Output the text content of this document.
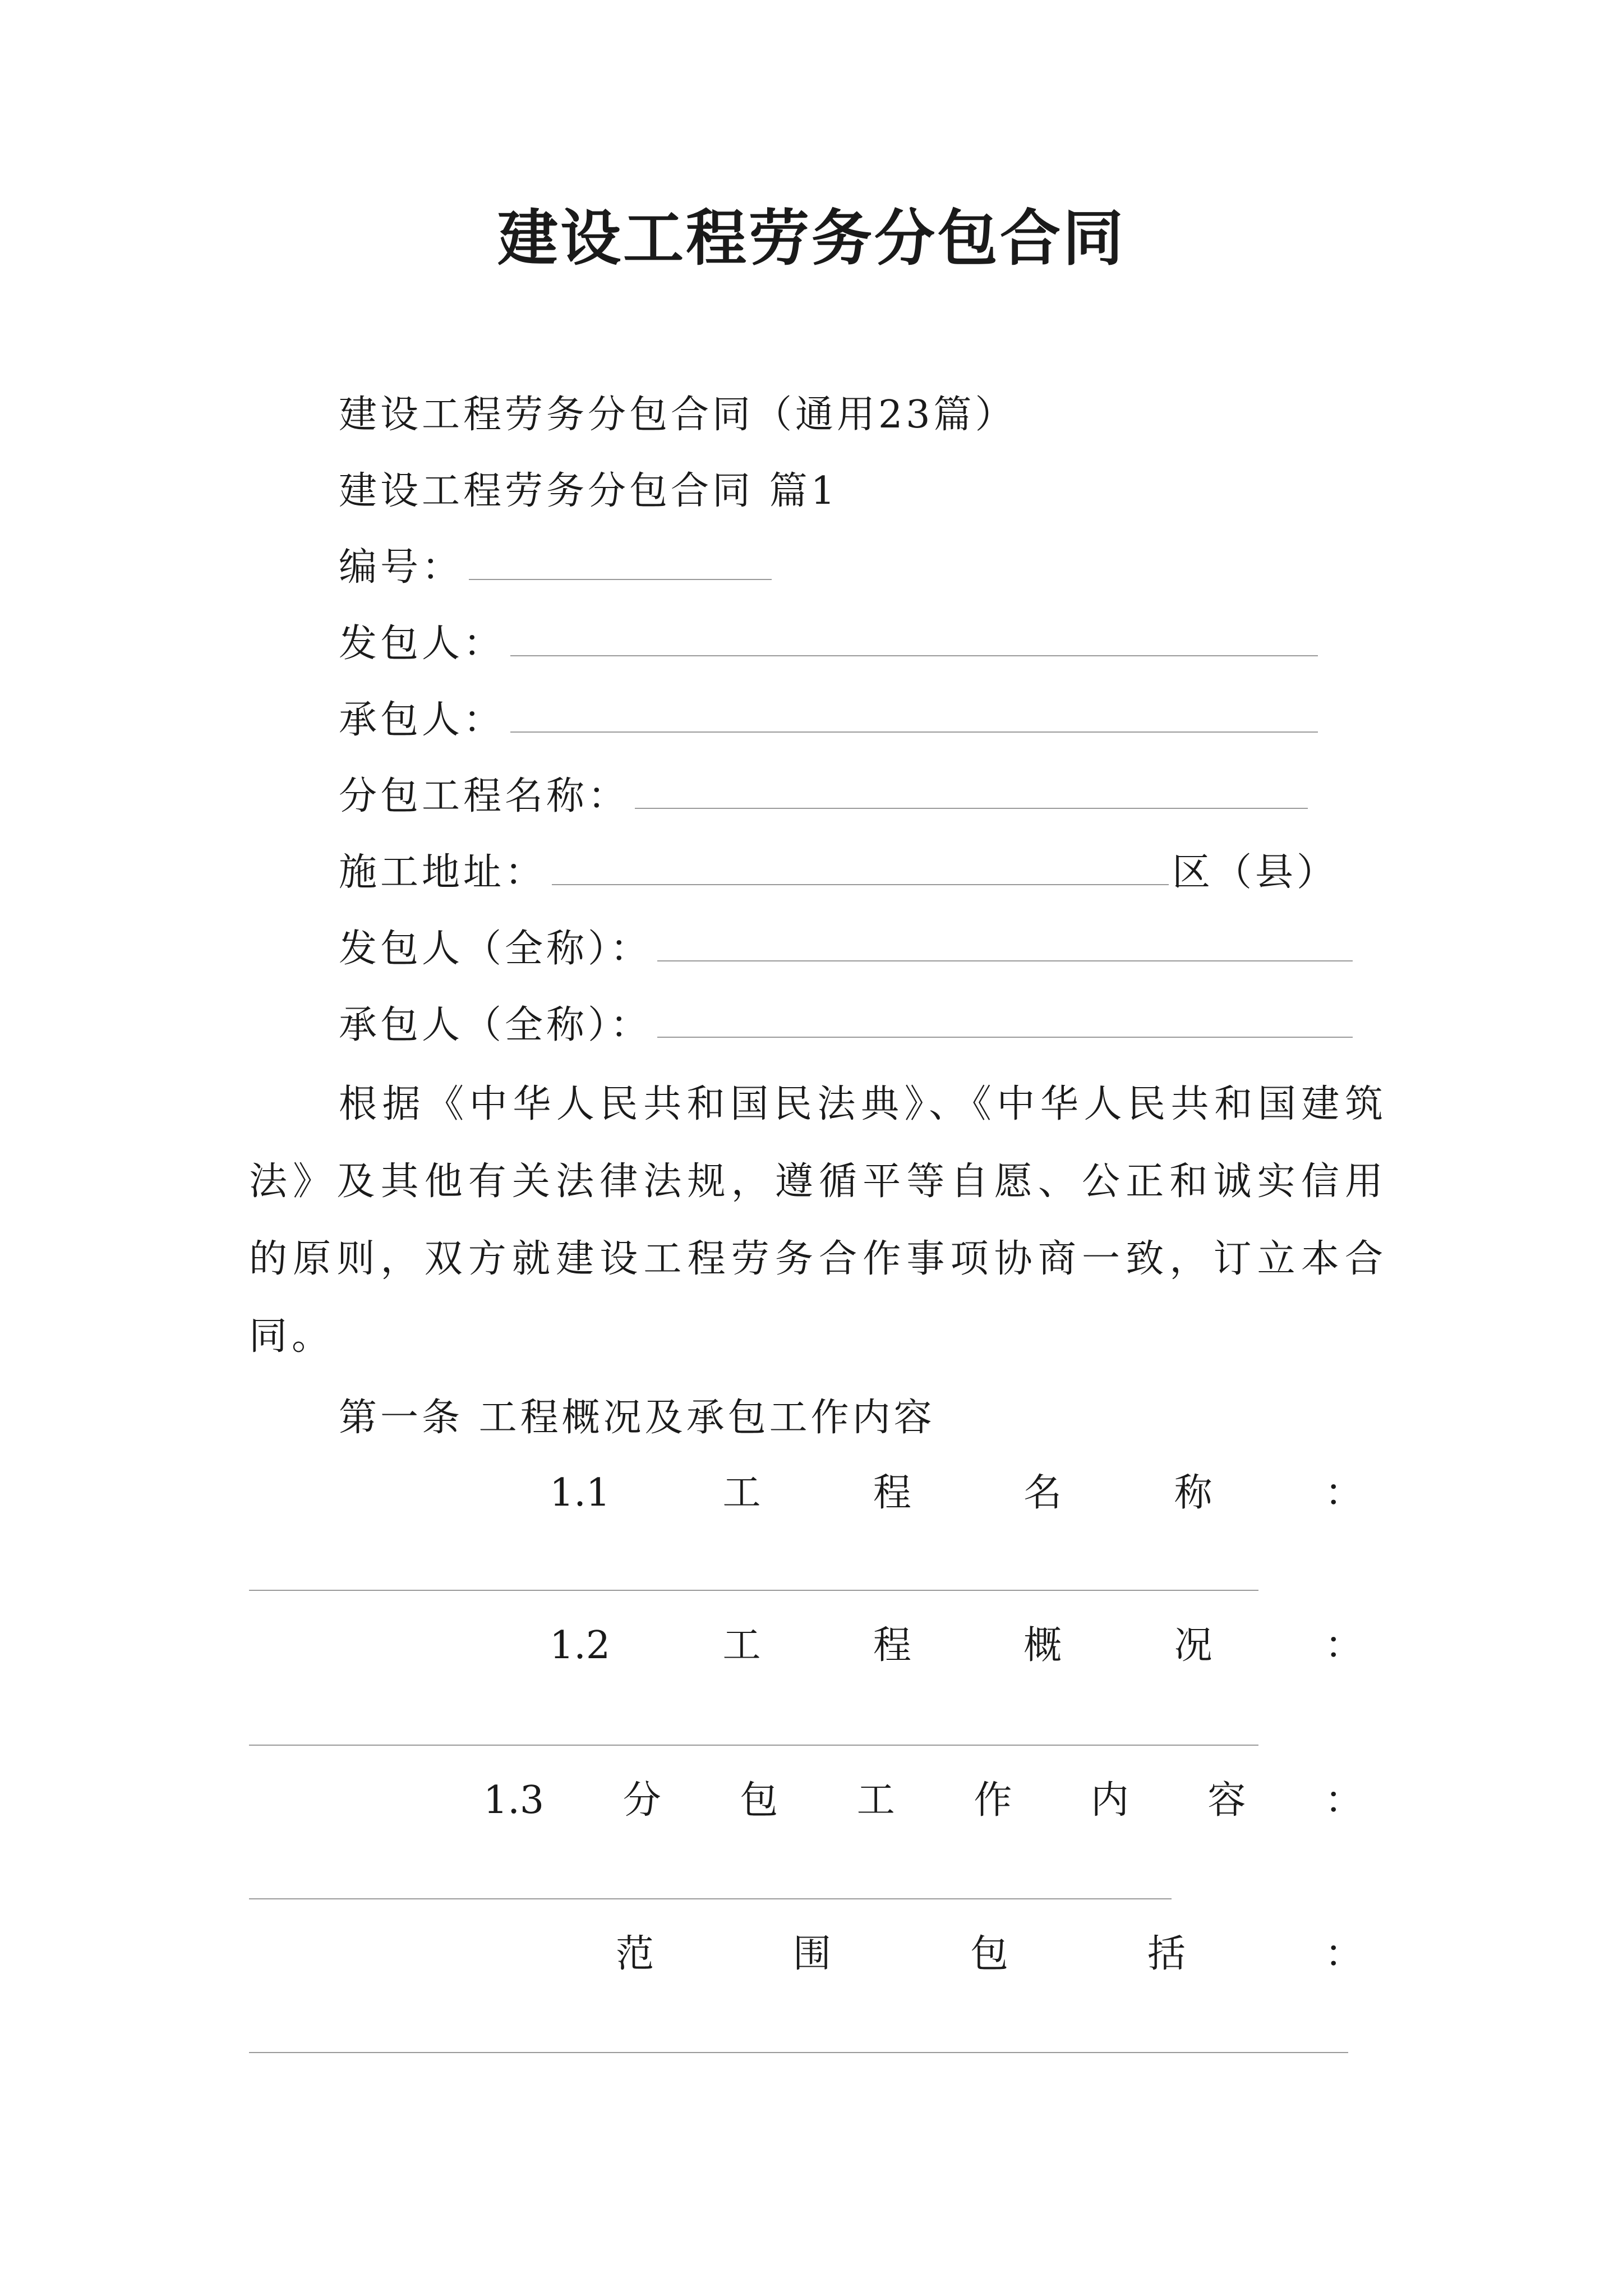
建设工程劳务分包合同
建设工程劳务分包合同（通用23篇）
建设工程劳务分包合同 篇1
编号：
发包人：
承包人：
分包工程名称：
施工地址：	区（县）
发包人（全称）：
承包人（全称）：

根据《中华人民共和国民法典》、《中华人民共和国建筑法》及其他有关法律法规，遵循平等自愿、公正和诚实信用的原则，双方就建设工程劳务合作事项协商一致，订立本合同。

第一条 工程概况及承包工作内容
1.1	工	程	名	称	：
1.2	工	程	概	况	：
1.3 分 包 工 作 内 容 ：
范	围	包	括	：
